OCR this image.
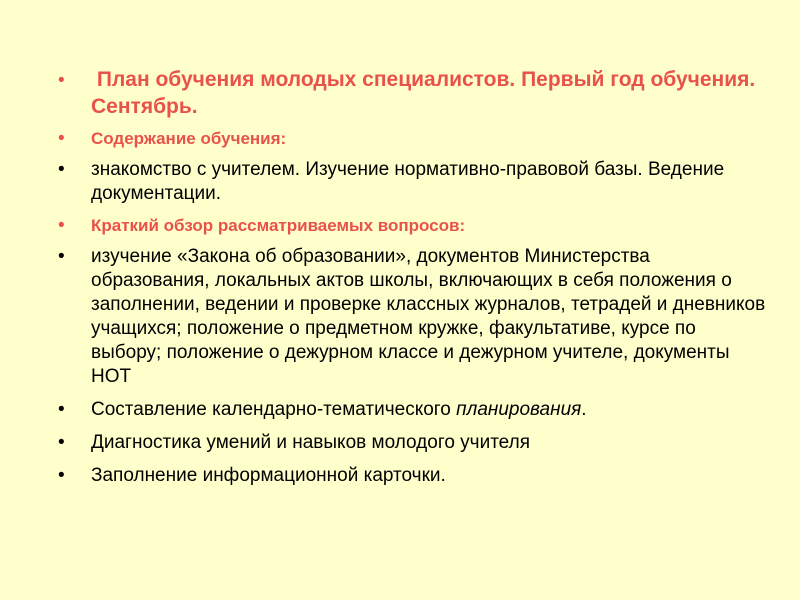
•	План обучения молодых специалистов. Первый год обучения. Сентябрь.
•	Содержание обучения:
•	знакомство с учителем. Изучение нормативно-правовой базы. Ведение документации.
•	Краткий обзор рассматриваемых вопросов:
•	изучение «Закона об образовании», документов Министерства образования, локальных актов школы, включающих в себя положения о заполнении, ведении и проверке классных журналов, тетрадей и дневников учащихся; положение о предметном кружке, факультативе, курсе по выбору; положение о дежурном классе и дежурном учителе, документы НОТ
•	Составление календарно-тематического планирования.
•	Диагностика умений и навыков молодого учителя
•	Заполнение информационной карточки.
